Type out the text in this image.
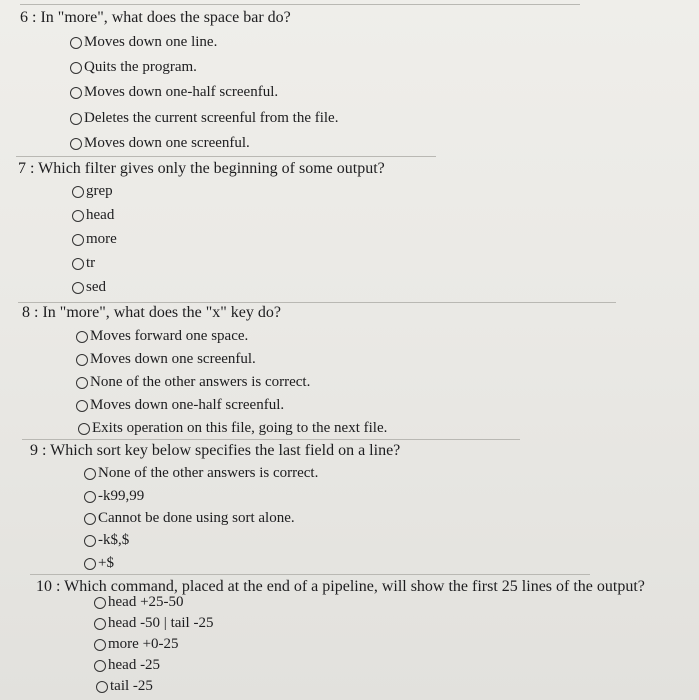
6 : In "more", what does the space bar do?
Moves down one line.
Quits the program.
Moves down one-half screenful.
Deletes the current screenful from the file.
Moves down one screenful.
7 : Which filter gives only the beginning of some output?
grep
head
more
tr
sed
8 : In "more", what does the "x" key do?
Moves forward one space.
Moves down one screenful.
None of the other answers is correct.
Moves down one-half screenful.
Exits operation on this file, going to the next file.
9 : Which sort key below specifies the last field on a line?
None of the other answers is correct.
-k99,99
Cannot be done using sort alone.
-k$,$
+$
10 : Which command, placed at the end of a pipeline, will show the first 25 lines of the output?
head +25-50
head -50 | tail -25
more +0-25
head -25
tail -25
